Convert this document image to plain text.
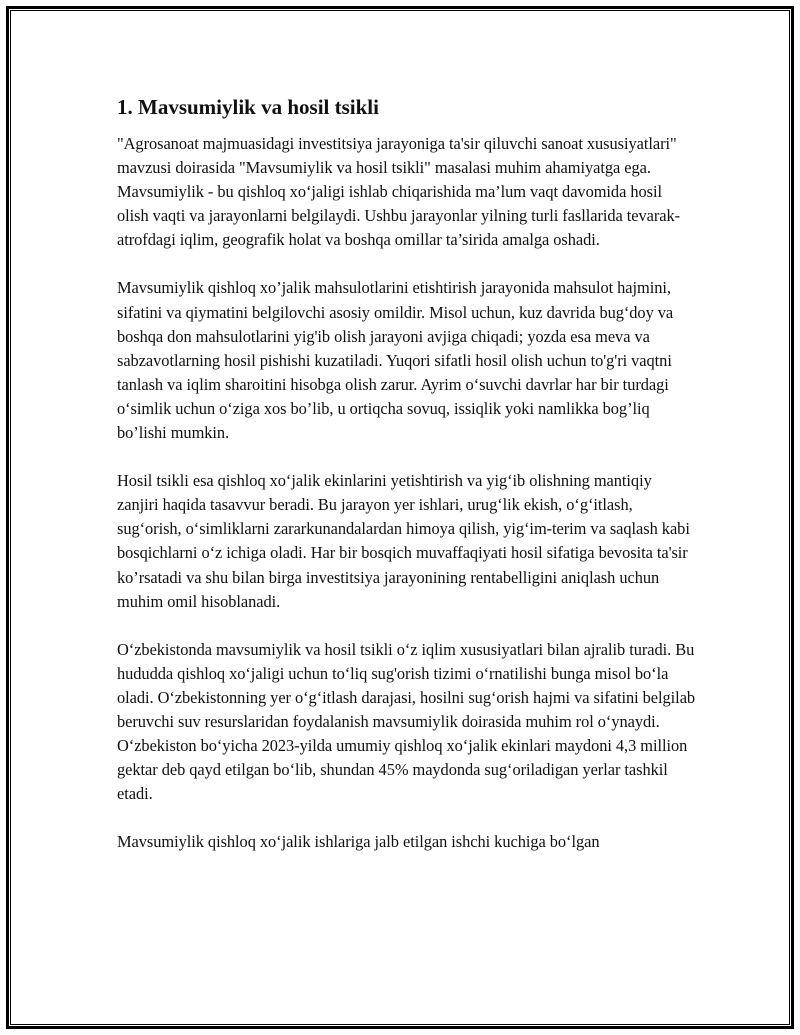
1. Mavsumiylik va hosil tsikli

"Agrosanoat majmuasidagi investitsiya jarayoniga ta'sir qiluvchi sanoat xususiyatlari" mavzusi doirasida "Mavsumiylik va hosil tsikli" masalasi muhim ahamiyatga ega. Mavsumiylik - bu qishloq xo‘jaligi ishlab chiqarishida ma’lum vaqt davomida hosil olish vaqti va jarayonlarni belgilaydi. Ushbu jarayonlar yilning turli fasllarida tevarak-atrofdagi iqlim, geografik holat va boshqa omillar ta’sirida amalga oshadi.

Mavsumiylik qishloq xo’jalik mahsulotlarini etishtirish jarayonida mahsulot hajmini, sifatini va qiymatini belgilovchi asosiy omildir. Misol uchun, kuz davrida bug‘doy va boshqa don mahsulotlarini yig'ib olish jarayoni avjiga chiqadi; yozda esa meva va sabzavotlarning hosil pishishi kuzatiladi. Yuqori sifatli hosil olish uchun to'g'ri vaqtni tanlash va iqlim sharoitini hisobga olish zarur. Ayrim o‘suvchi davrlar har bir turdagi o‘simlik uchun o‘ziga xos bo’lib, u ortiqcha sovuq, issiqlik yoki namlikka bog’liq bo’lishi mumkin.

Hosil tsikli esa qishloq xo‘jalik ekinlarini yetishtirish va yig‘ib olishning mantiqiy zanjiri haqida tasavvur beradi. Bu jarayon yer ishlari, urug‘lik ekish, o‘g‘itlash, sug‘orish, o‘simliklarni zararkunandalardan himoya qilish, yig‘im-terim va saqlash kabi bosqichlarni o‘z ichiga oladi. Har bir bosqich muvaffaqiyati hosil sifatiga bevosita ta'sir ko’rsatadi va shu bilan birga investitsiya jarayonining rentabelligini aniqlash uchun muhim omil hisoblanadi.

O‘zbekistonda mavsumiylik va hosil tsikli o‘z iqlim xususiyatlari bilan ajralib turadi. Bu hududda qishloq xo‘jaligi uchun to‘liq sug'orish tizimi o‘rnatilishi bunga misol bo‘la oladi. O‘zbekistonning yer o‘g‘itlash darajasi, hosilni sug‘orish hajmi va sifatini belgilab beruvchi suv resurslaridan foydalanish mavsumiylik doirasida muhim rol o‘ynaydi. O‘zbekiston bo‘yicha 2023-yilda umumiy qishloq xo‘jalik ekinlari maydoni 4,3 million gektar deb qayd etilgan bo‘lib, shundan 45% maydonda sug‘oriladigan yerlar tashkil etadi.

Mavsumiylik qishloq xo‘jalik ishlariga jalb etilgan ishchi kuchiga bo‘lgan
